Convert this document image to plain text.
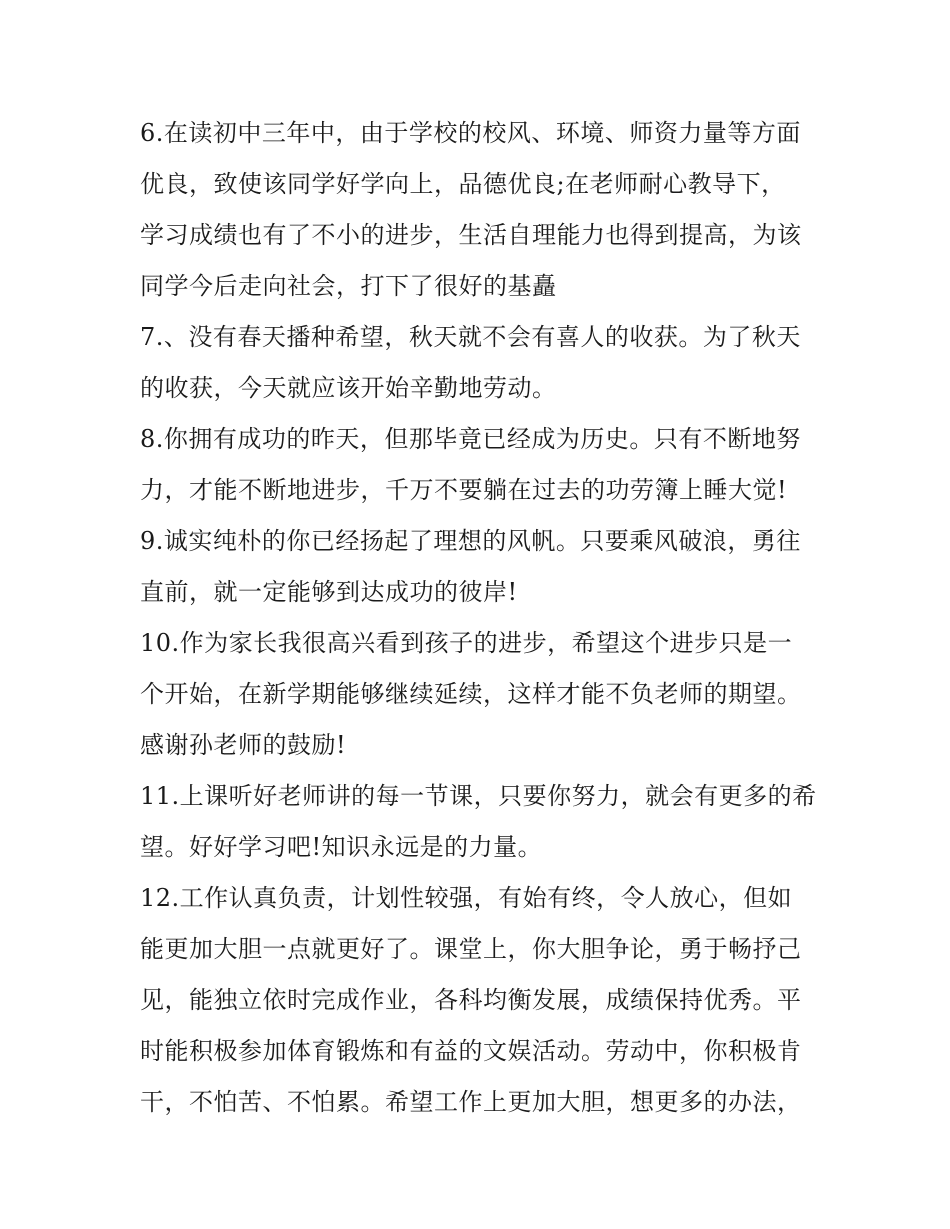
6.在读初中三年中，由于学校的校风、环境、师资力量等方面
优良，致使该同学好学向上，品德优良;在老师耐心教导下，
学习成绩也有了不小的进步，生活自理能力也得到提高，为该
同学今后走向社会，打下了很好的基矗
7.、没有春天播种希望，秋天就不会有喜人的收获。为了秋天
的收获，今天就应该开始辛勤地劳动。
8.你拥有成功的昨天，但那毕竟已经成为历史。只有不断地努
力，才能不断地进步，千万不要躺在过去的功劳簿上睡大觉!
9.诚实纯朴的你已经扬起了理想的风帆。只要乘风破浪，勇往
直前，就一定能够到达成功的彼岸!
10.作为家长我很高兴看到孩子的进步，希望这个进步只是一
个开始，在新学期能够继续延续，这样才能不负老师的期望。
感谢孙老师的鼓励!
11.上课听好老师讲的每一节课，只要你努力，就会有更多的希
望。好好学习吧!知识永远是的力量。
12.工作认真负责，计划性较强，有始有终，令人放心，但如
能更加大胆一点就更好了。课堂上，你大胆争论，勇于畅抒己
见，能独立依时完成作业，各科均衡发展，成绩保持优秀。平
时能积极参加体育锻炼和有益的文娱活动。劳动中，你积极肯
干，不怕苦、不怕累。希望工作上更加大胆，想更多的办法，
